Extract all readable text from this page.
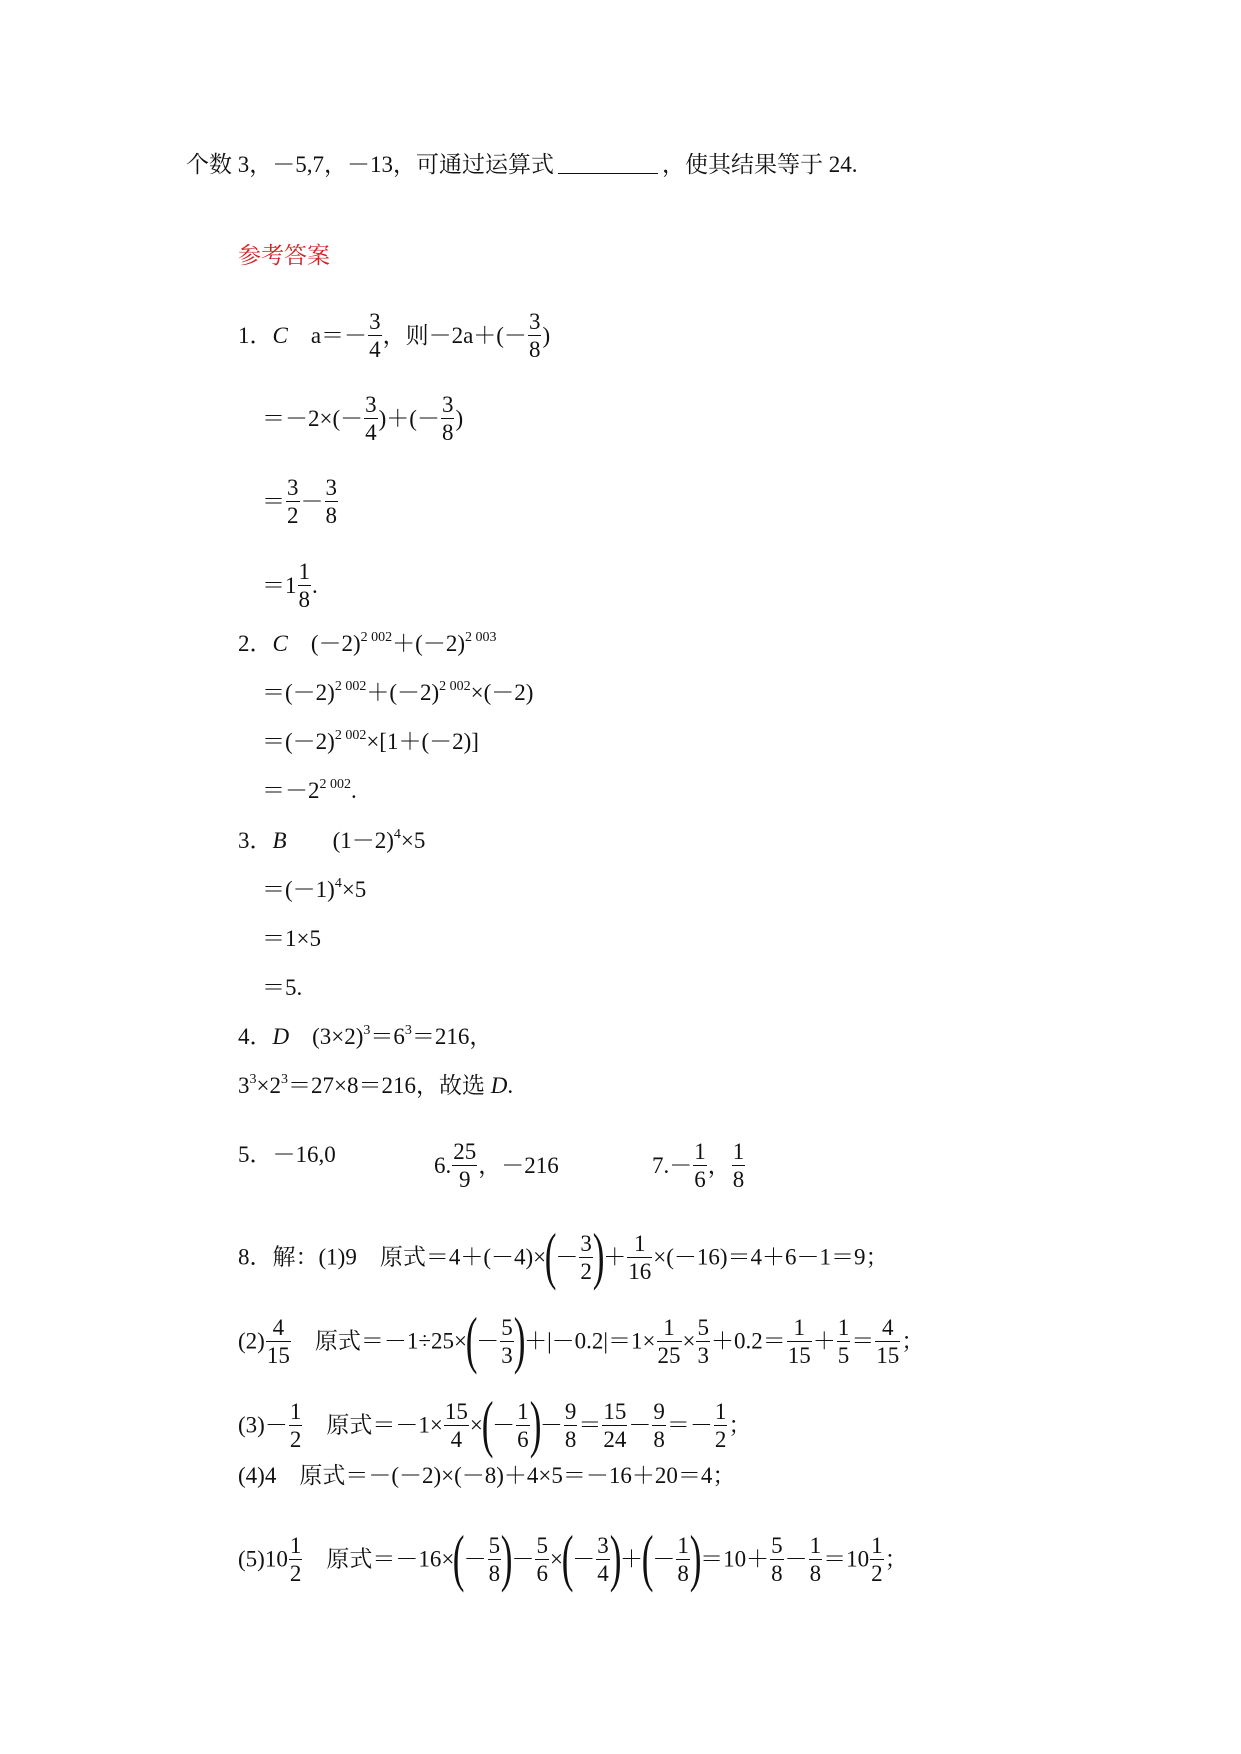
个数 3，－5,7，－13，可通过运算式	，使其结果等于 24.
参考答案
1．C　 $a=- \frac{3}{4}$ ，则$-2a+(- \frac{3}{8}$ )
$=-2\times(- \frac{3}{4}$ )＋(－ $\frac{3}{8}$ )
＝ $\frac{3}{2} - \frac{3}{8}$
$=1 \frac{1}{8}$ .
2．C　 $(-2)^{2 002}+(-2)^{2 003}$
$=(-2)^{2 002}+(-2)^{2 002}\times(-2)$
$=(-2)^{2 002}\times[1+(-2)]$
$=-2^{2 002}$.
3．B　　 $(1-2)^4\times 5$
$=(-1)^4\times 5$
＝1×5
＝5.
4．D　 $(3\times 2)^3=6^3=216$，
$3^3\times 2^3=27\times 8=216$，故选 D.
5．－16,0	6. $\frac{25}{9}$ ，－216	$7.- \frac{1}{6}$ ， $\frac{1}{8}$
8．解：(1)9　原式$=4+(-4)\times(- \frac{3}{2}$ )＋ $\frac{1}{16} \times(-16)=4+6-1=9$；
$(2) \frac{4}{15}$ 　原式$=-1\div 25\times(- \frac{5}{3} )+|-0.2|=1\times \frac{1}{25} \times \frac{5}{3} +0.2= \frac{1}{15} + \frac{1}{5} = \frac{4}{15}$ ；
$(3)- \frac{1}{2}$ 　原式$=-1\times \frac{15}{4}$ ×(－ $\frac{1}{6}$ )－ $\frac{9}{8} = \frac{15}{24} - \frac{9}{8} =- \frac{1}{2}$ ；
(4)4　原式＝－(－2)×(－8)＋4×5＝－16＋20＝4；
$(5)10 \frac{1}{2}$ 　原式$=-16\times(- \frac{5}{8}$ )－ $\frac{5}{6}$ ×(－ $\frac{3}{4}$ )＋(－ $\frac{1}{8} )=10+ \frac{5}{8} - \frac{1}{8} =10 \frac{1}{2}$ ；
